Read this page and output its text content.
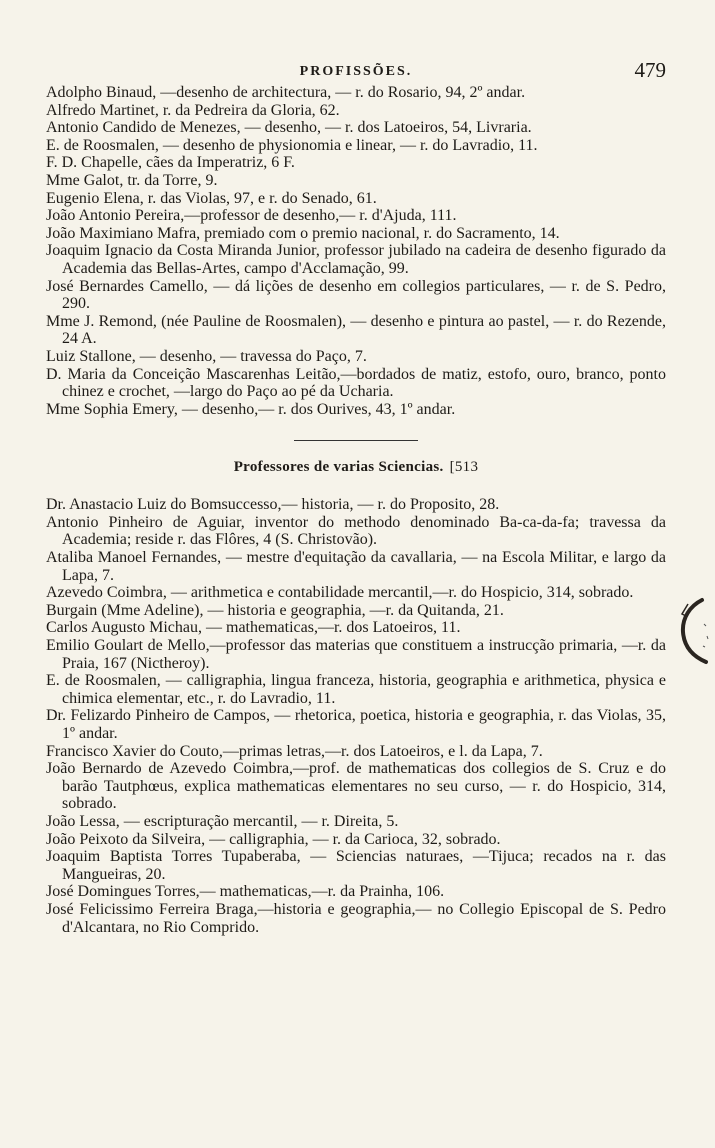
PROFISSÕES.	479

Adolpho Binaud, —desenho de architectura, — r. do Rosario, 94, 2º andar.

Alfredo Martinet, r. da Pedreira da Gloria, 62.

Antonio Candido de Menezes, — desenho, — r. dos Latoeiros, 54, Livraria.

E. de Roosmalen, — desenho de physionomia e linear, — r. do Lavradio, 11.

F. D. Chapelle, cães da Imperatriz, 6 F.

Mme Galot, tr. da Torre, 9.

Eugenio Elena, r. das Violas, 97, e r. do Senado, 61.

João Antonio Pereira,—professor de desenho,— r. d'Ajuda, 111.

João Maximiano Mafra, premiado com o premio nacional, r. do Sacramento, 14.

Joaquim Ignacio da Costa Miranda Junior, professor jubilado na cadeira de desenho figurado da Academia das Bellas-Artes, campo d'Acclamação, 99.

José Bernardes Camello, — dá lições de desenho em collegios particulares, — r. de S. Pedro, 290.

Mme J. Remond, (née Pauline de Roosmalen), — desenho e pintura ao pastel, — r. do Rezende, 24 A.

Luiz Stallone, — desenho, — travessa do Paço, 7.

D. Maria da Conceição Mascarenhas Leitão,—bordados de matiz, estofo, ouro, branco, ponto chinez e crochet, —largo do Paço ao pé da Ucharia.

Mme Sophia Emery, — desenho,— r. dos Ourives, 43, 1º andar.

Professores de varias Sciencias. [513

Dr. Anastacio Luiz do Bomsuccesso,— historia, — r. do Proposito, 28.

Antonio Pinheiro de Aguiar, inventor do methodo denominado Ba-ca-da-fa; travessa da Academia; reside r. das Flôres, 4 (S. Christovão).

Ataliba Manoel Fernandes, — mestre d'equitação da cavallaria, — na Escola Militar, e largo da Lapa, 7.

Azevedo Coimbra, — arithmetica e contabilidade mercantil,—r. do Hospicio, 314, sobrado.

Burgain (Mme Adeline), — historia e geographia, —r. da Quitanda, 21.

Carlos Augusto Michau, — mathematicas,—r. dos Latoeiros, 11.

Emilio Goulart de Mello,—professor das materias que constituem a instrucção primaria, —r. da Praia, 167 (Nictheroy).

E. de Roosmalen, — calligraphia, lingua franceza, historia, geographia e arithmetica, physica e chimica elementar, etc., r. do Lavradio, 11.

Dr. Felizardo Pinheiro de Campos, — rhetorica, poetica, historia e geographia, r. das Violas, 35, 1º andar.

Francisco Xavier do Couto,—primas letras,—r. dos Latoeiros, e l. da Lapa, 7.

João Bernardo de Azevedo Coimbra,—prof. de mathematicas dos collegios de S. Cruz e do barão Tautphœus, explica mathematicas elementares no seu curso, — r. do Hospicio, 314, sobrado.

João Lessa, — escripturação mercantil, — r. Direita, 5.

João Peixoto da Silveira, — calligraphia, — r. da Carioca, 32, sobrado.

Joaquim Baptista Torres Tupaberaba, — Sciencias naturaes, —Tijuca; recados na r. das Mangueiras, 20.

José Domingues Torres,— mathematicas,—r. da Prainha, 106.

José Felicissimo Ferreira Braga,—historia e geographia,— no Collegio Episcopal de S. Pedro d'Alcantara, no Rio Comprido.
